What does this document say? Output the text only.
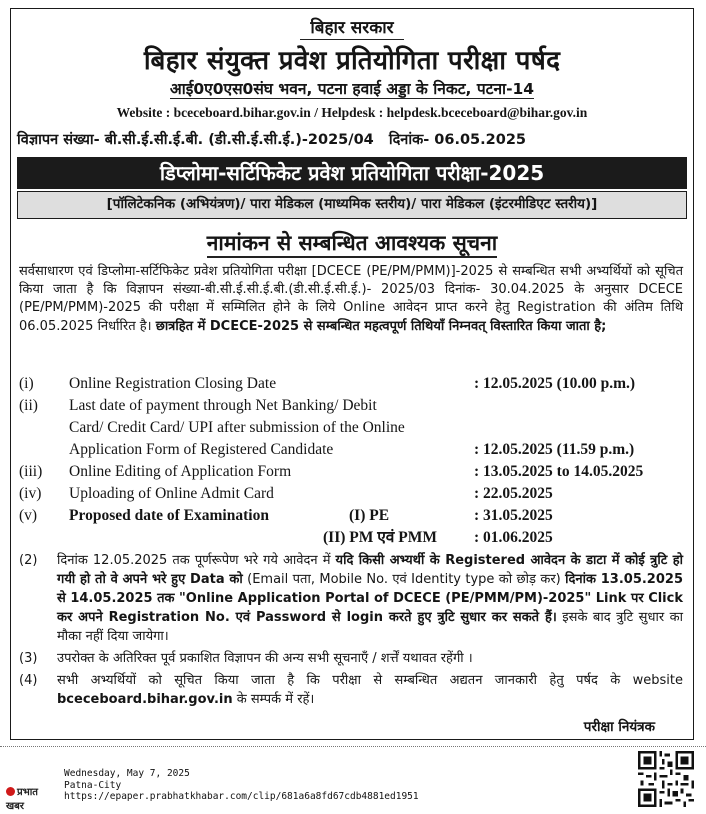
बिहार सरकार
बिहार संयुक्त प्रवेश प्रतियोगिता परीक्षा पर्षद
आई0ए0एस0संघ भवन, पटना हवाई अड्डा के निकट, पटना-14
Website : bceceboard.bihar.gov.in / Helpdesk : helpdesk.bceceboard@bihar.gov.in
विज्ञापन संख्या- बी.सी.ई.सी.ई.बी. (डी.सी.ई.सी.ई.)-2025/04 दिनांक- 06.05.2025
डिप्लोमा-सर्टिफिकेट प्रवेश प्रतियोगिता परीक्षा-2025
[पॉलिटेकनिक (अभियंत्रण)/ पारा मेडिकल (माध्यमिक स्तरीय)/ पारा मेडिकल (इंटरमीडिएट स्तरीय)]
नामांकन से सम्बन्धित आवश्यक सूचना
सर्वसाधारण एवं डिप्लोमा-सर्टिफिकेट प्रवेश प्रतियोगिता परीक्षा [DCECE (PE/PM/PMM)]-2025 से सम्बन्धित सभी अभ्यर्थियों को सूचित किया जाता है कि विज्ञापन संख्या-बी.सी.ई.सी.ई.बी.(डी.सी.ई.सी.ई.)- 2025/03 दिनांक- 30.04.2025 के अनुसार DCECE (PE/PM/PMM)-2025 की परीक्षा में सम्मिलित होने के लिये Online आवेदन प्राप्त करने हेतु Registration की अंतिम तिथि 06.05.2025 निर्धारित है। छात्रहित में DCECE-2025 से सम्बन्धित महत्वपूर्ण तिथियाँ निम्नवत् विस्तारित किया जाता है;
(i) Online Registration Closing Date	: 12.05.2025 (10.00 p.m.)
(ii) Last date of payment through Net Banking/ Debit
Card/ Credit Card/ UPI after submission of the Online
Application Form of Registered Candidate	: 12.05.2025 (11.59 p.m.)
(iii) Online Editing of Application Form	: 13.05.2025 to 14.05.2025
(iv) Uploading of Online Admit Card	: 22.05.2025
(v) Proposed date of Examination	(I) PE	: 31.05.2025
(II) PM एवं PMM : 01.06.2025
(2) दिनांक 12.05.2025 तक पूर्णरूपेण भरे गये आवेदन में यदि किसी अभ्यर्थी के Registered आवेदन के डाटा में कोई त्रुटि हो गयी हो तो वे अपने भरे हुए Data को (Email पता, Mobile No. एवं Identity type को छोड़ कर) दिनांक 13.05.2025 से 14.05.2025 तक "Online Application Portal of DCECE (PE/PMM/PM)-2025" Link पर Click कर अपने Registration No. एवं Password से login करते हुए त्रुटि सुधार कर सकते हैं। इसके बाद त्रुटि सुधार का मौका नहीं दिया जायेगा।
(3) उपरोक्त के अतिरिक्त पूर्व प्रकाशित विज्ञापन की अन्य सभी सूचनाएँ / शर्त्तें यथावत रहेंगी ।
(4) सभी अभ्यर्थियों को सूचित किया जाता है कि परीक्षा से सम्बन्धित अद्यतन जानकारी हेतु पर्षद के website bceceboard.bihar.gov.in के सम्पर्क में रहें।
परीक्षा नियंत्रक
प्रभात खबर
Wednesday, May 7, 2025
Patna-City
https://epaper.prabhatkhabar.com/clip/681a6a8fd67cdb4881ed1951
